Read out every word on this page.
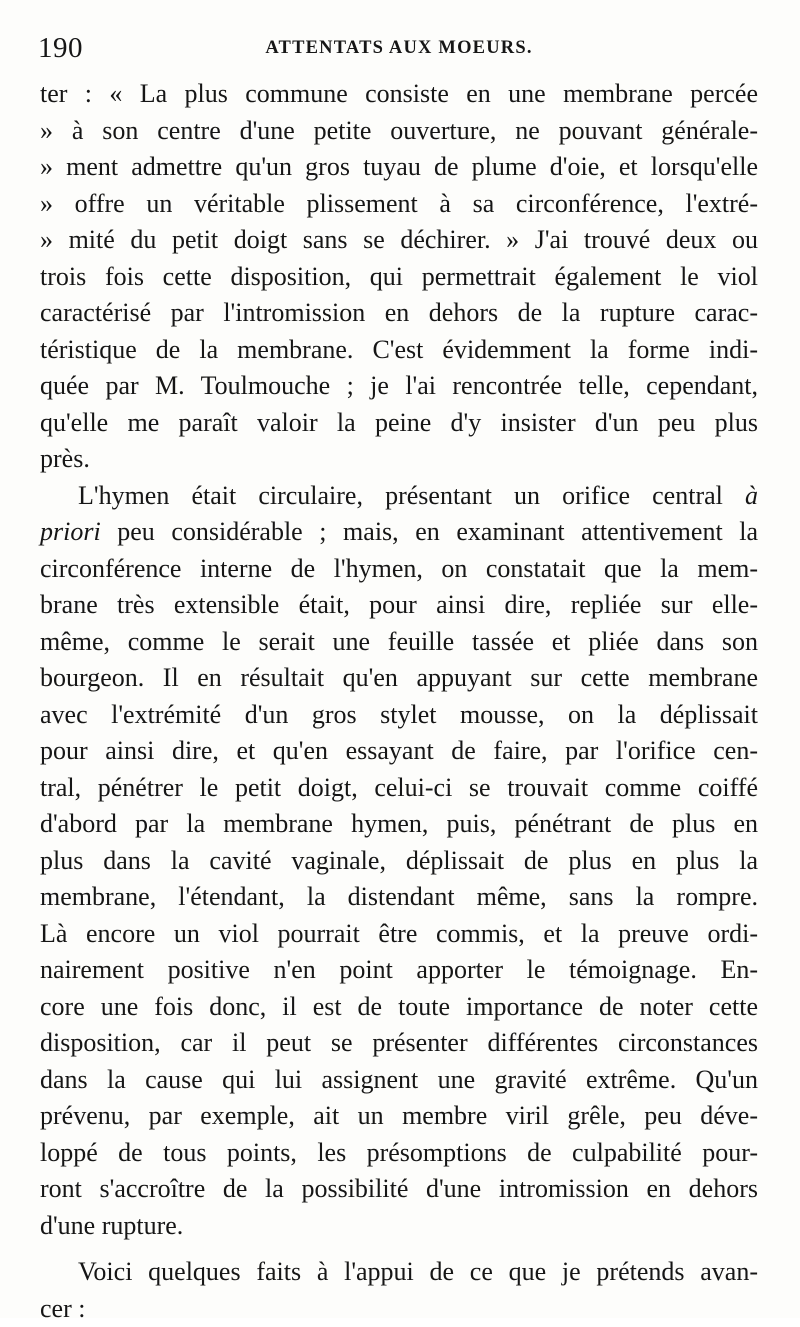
190	ATTENTATS AUX MOEURS.
ter : « La plus commune consiste en une membrane percée
» à son centre d'une petite ouverture, ne pouvant générale-
» ment admettre qu'un gros tuyau de plume d'oie, et lorsqu'elle
» offre un véritable plissement à sa circonférence, l'extré-
» mité du petit doigt sans se déchirer. » J'ai trouvé deux ou
trois fois cette disposition, qui permettrait également le viol
caractérisé par l'intromission en dehors de la rupture carac-
téristique de la membrane. C'est évidemment la forme indi-
quée par M. Toulmouche ; je l'ai rencontrée telle, cependant,
qu'elle me paraît valoir la peine d'y insister d'un peu plus
près.
L'hymen était circulaire, présentant un orifice central à
priori peu considérable ; mais, en examinant attentivement la
circonférence interne de l'hymen, on constatait que la mem-
brane très extensible était, pour ainsi dire, repliée sur elle-
même, comme le serait une feuille tassée et pliée dans son
bourgeon. Il en résultait qu'en appuyant sur cette membrane
avec l'extrémité d'un gros stylet mousse, on la déplissait
pour ainsi dire, et qu'en essayant de faire, par l'orifice cen-
tral, pénétrer le petit doigt, celui-ci se trouvait comme coiffé
d'abord par la membrane hymen, puis, pénétrant de plus en
plus dans la cavité vaginale, déplissait de plus en plus la
membrane, l'étendant, la distendant même, sans la rompre.
Là encore un viol pourrait être commis, et la preuve ordi-
nairement positive n'en point apporter le témoignage. En-
core une fois donc, il est de toute importance de noter cette
disposition, car il peut se présenter différentes circonstances
dans la cause qui lui assignent une gravité extrême. Qu'un
prévenu, par exemple, ait un membre viril grêle, peu déve-
loppé de tous points, les présomptions de culpabilité pour-
ront s'accroître de la possibilité d'une intromission en dehors
d'une rupture.
Voici quelques faits à l'appui de ce que je prétends avan-
cer :
